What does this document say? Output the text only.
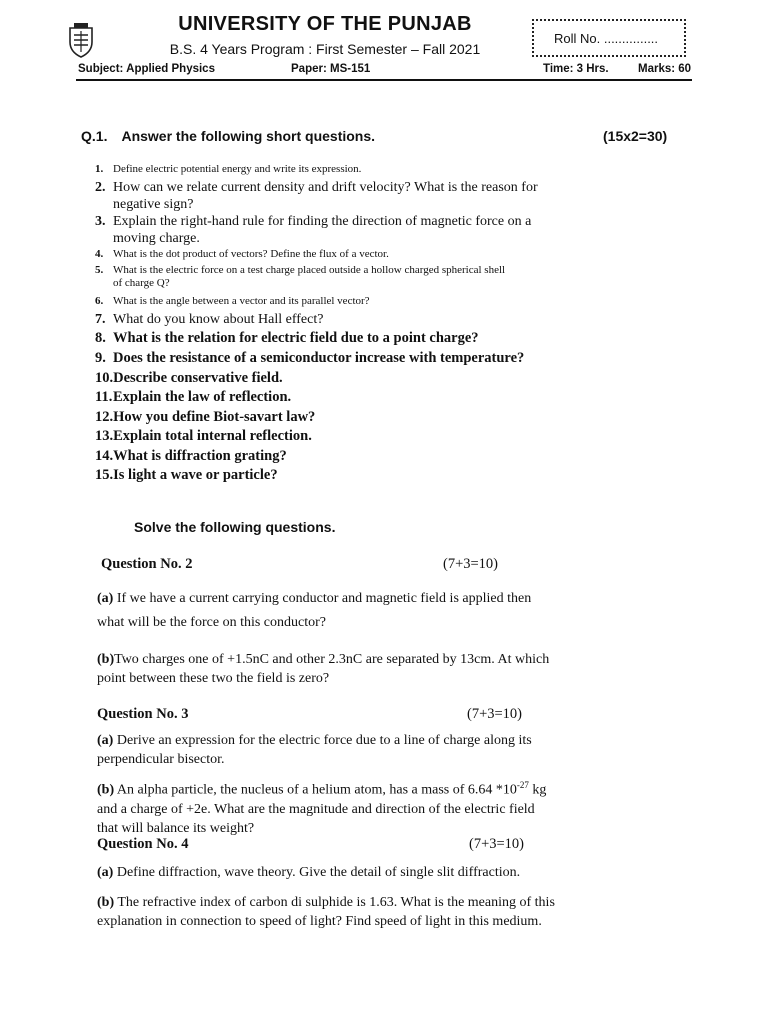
UNIVERSITY OF THE PUNJAB
B.S. 4 Years Program : First Semester – Fall 2021
Roll No. ...............
Subject: Applied Physics	Paper: MS-151	Time: 3 Hrs.	Marks: 60
Q.1. Answer the following short questions.	(15x2=30)
1. Define electric potential energy and write its expression.
2. How can we relate current density and drift velocity? What is the reason for
negative sign?
3. Explain the right-hand rule for finding the direction of magnetic force on a
moving charge.
4. What is the dot product of vectors? Define the flux of a vector.
5. What is the electric force on a test charge placed outside a hollow charged spherical shell
of charge Q?
6. What is the angle between a vector and its parallel vector?
7. What do you know about Hall effect?
8. What is the relation for electric field due to a point charge?
9. Does the resistance of a semiconductor increase with temperature?
10.Describe conservative field.
11.Explain the law of reflection.
12.How you define Biot-savart law?
13.Explain total internal reflection.
14.What is diffraction grating?
15.Is light a wave or particle?
Solve the following questions.
Question No. 2	(7+3=10)
(a) If we have a current carrying conductor and magnetic field is applied then what will be the force on this conductor?
(b)Two charges one of +1.5nC and other 2.3nC are separated by 13cm. At which point between these two the field is zero?
Question No. 3	(7+3=10)
(a) Derive an expression for the electric force due to a line of charge along its perpendicular bisector.
(b) An alpha particle, the nucleus of a helium atom, has a mass of 6.64 $*10^{-27}$ kg and a charge of +2e. What are the magnitude and direction of the electric field that will balance its weight?
Question No. 4	(7+3=10)
(a) Define diffraction, wave theory. Give the detail of single slit diffraction.
(b) The refractive index of carbon di sulphide is 1.63. What is the meaning of this explanation in connection to speed of light? Find speed of light in this medium.
